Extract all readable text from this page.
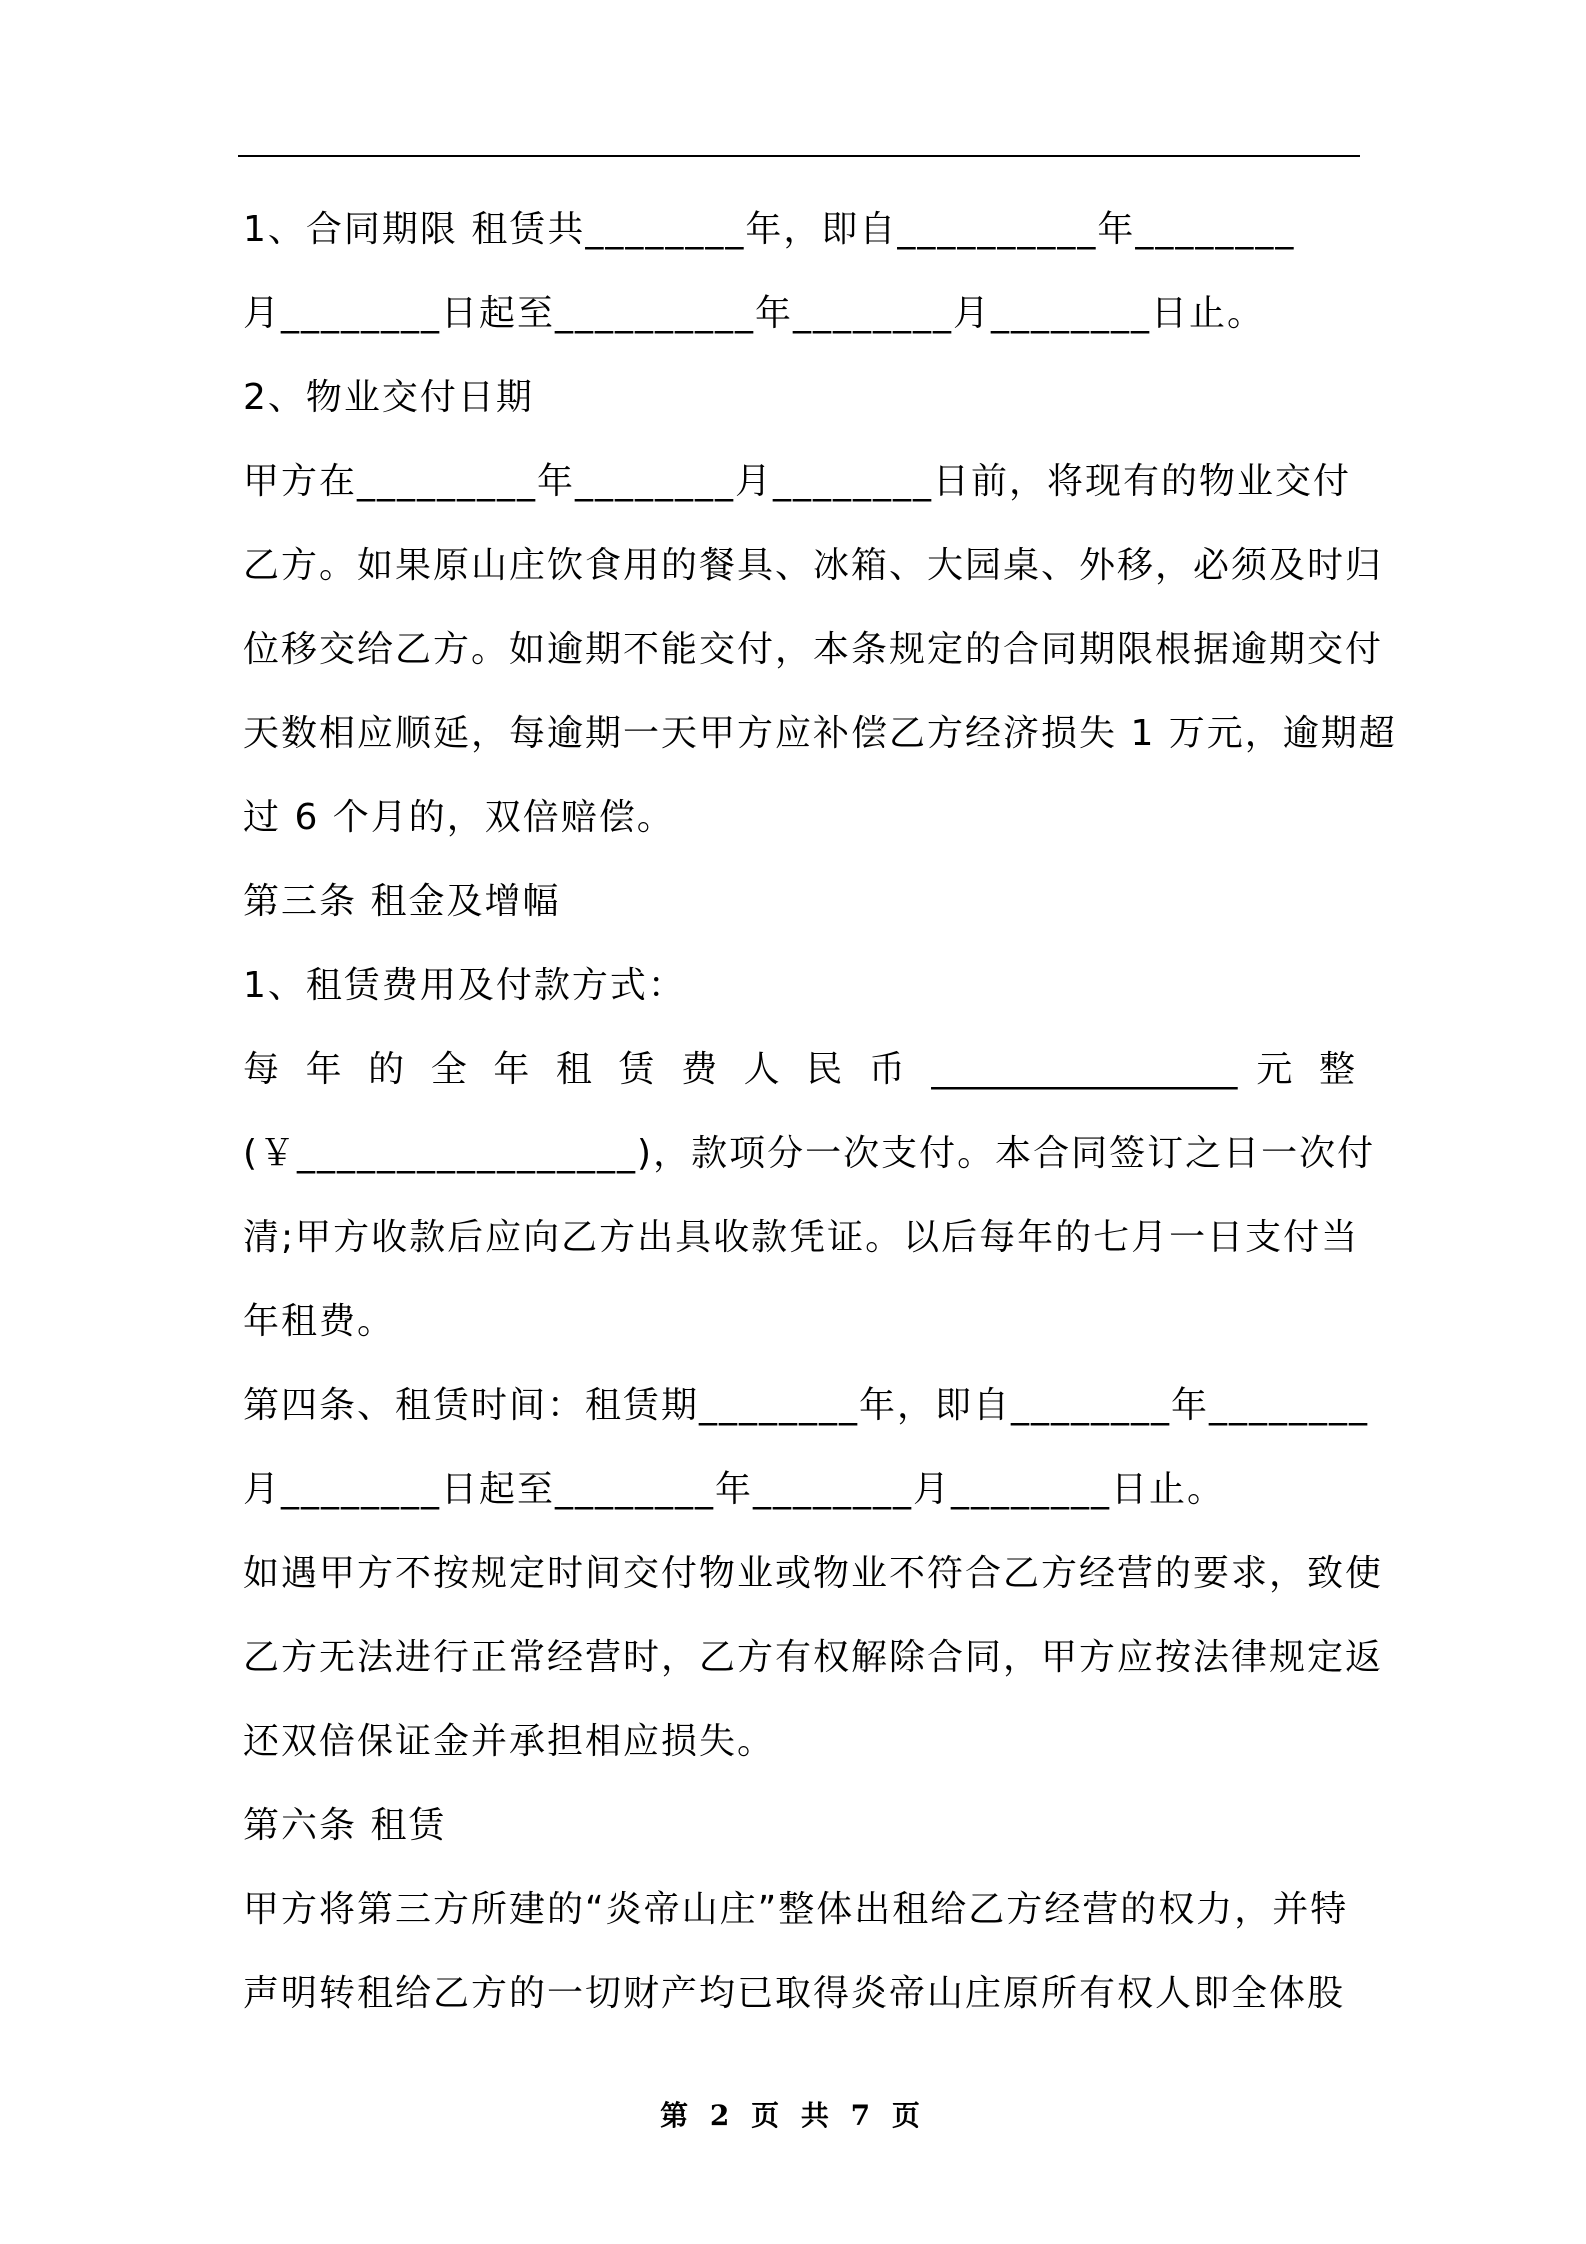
1、合同期限 租赁共________年，即自__________年________
月________日起至__________年________月________日止。
2、物业交付日期
甲方在_________年________月________日前，将现有的物业交付
乙方。如果原山庄饮食用的餐具、冰箱、大园桌、外移，必须及时归
位移交给乙方。如逾期不能交付，本条规定的合同期限根据逾期交付
天数相应顺延，每逾期一天甲方应补偿乙方经济损失 1 万元，逾期超
过 6 个月的，双倍赔偿。
第三条 租金及增幅
1、租赁费用及付款方式：
每 年 的 全 年 租 赁 费 人 民 币 _________________ 元 整
(￥_________________)，款项分一次支付。本合同签订之日一次付
清;甲方收款后应向乙方出具收款凭证。以后每年的七月一日支付当
年租费。
第四条、租赁时间：租赁期________年，即自________年________
月________日起至________年________月________日止。
如遇甲方不按规定时间交付物业或物业不符合乙方经营的要求，致使
乙方无法进行正常经营时，乙方有权解除合同，甲方应按法律规定返
还双倍保证金并承担相应损失。
第六条 租赁
甲方将第三方所建的“炎帝山庄”整体出租给乙方经营的权力，并特
声明转租给乙方的一切财产均已取得炎帝山庄原所有权人即全体股
第 2 页 共 7 页
